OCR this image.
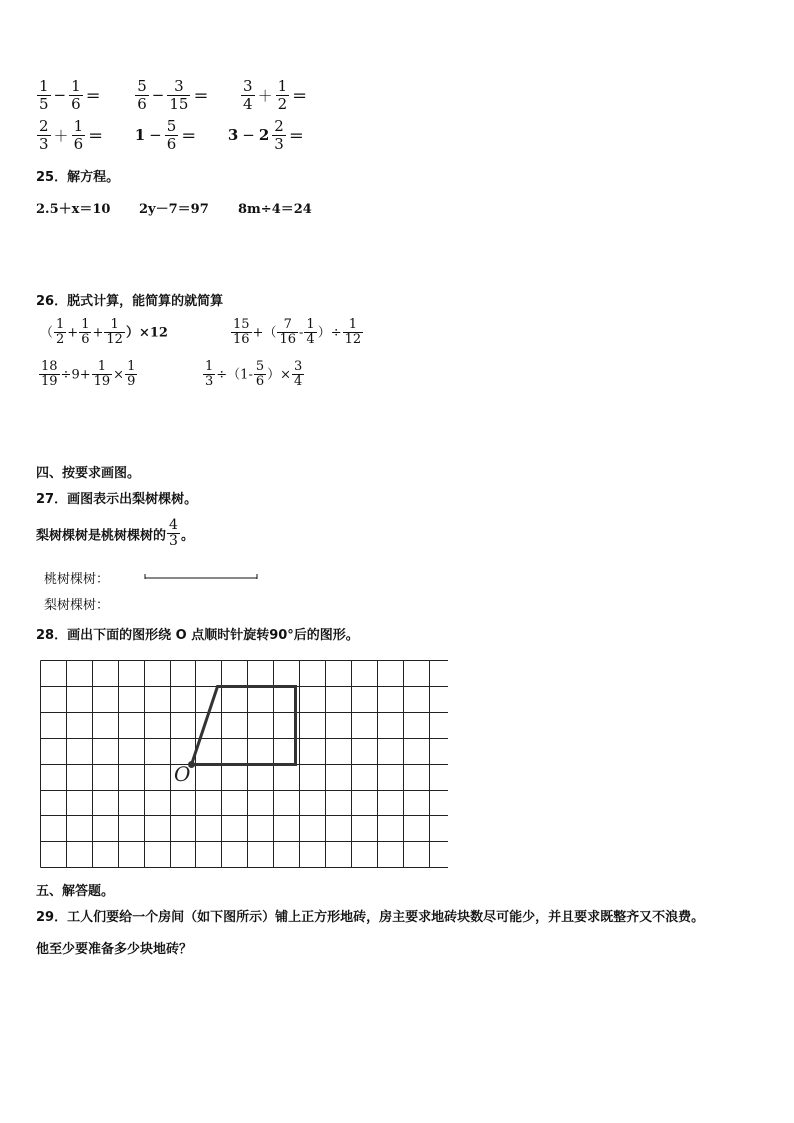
$\frac{1}{5} - \frac{1}{6} = \frac{5}{6} - \frac{3}{15} = \frac{3}{4} + \frac{1}{2}$ ＝
$\frac{2}{3} + \frac{1}{6} = 1 - \frac{5}{6} = 3 - 2 \frac{2}{3}$ ＝
25．解方程。
2.5＋x＝10 2y－7＝97 8m÷4＝24
26．脱式计算，能简算的就简算
（ $\frac{1}{2} + \frac{1}{6} + \frac{1}{12} )\times 12$	$\frac{15}{16}$ +（ $\frac{7}{16} - \frac{1}{4}$ ）÷ $\frac{1}{12}$
$\frac{18}{19} \div 9+ \frac{1}{19} \times \frac{1}{9}$	$\frac{1}{3} \div(1- \frac{5}{6}$ ）× $\frac{3}{4}$
四、按要求画图。
27．画图表示出梨树棵树。
梨树棵树是桃树棵树的 $\frac{4}{3}$ 。
桃树棵树：
梨树棵树：
28．画出下面的图形绕 O 点顺时针旋转90°后的图形。
O
五、解答题。
29．工人们要给一个房间（如下图所示）铺上正方形地砖，房主要求地砖块数尽可能少，并且要求既整齐又不浪费。
他至少要准备多少块地砖？
